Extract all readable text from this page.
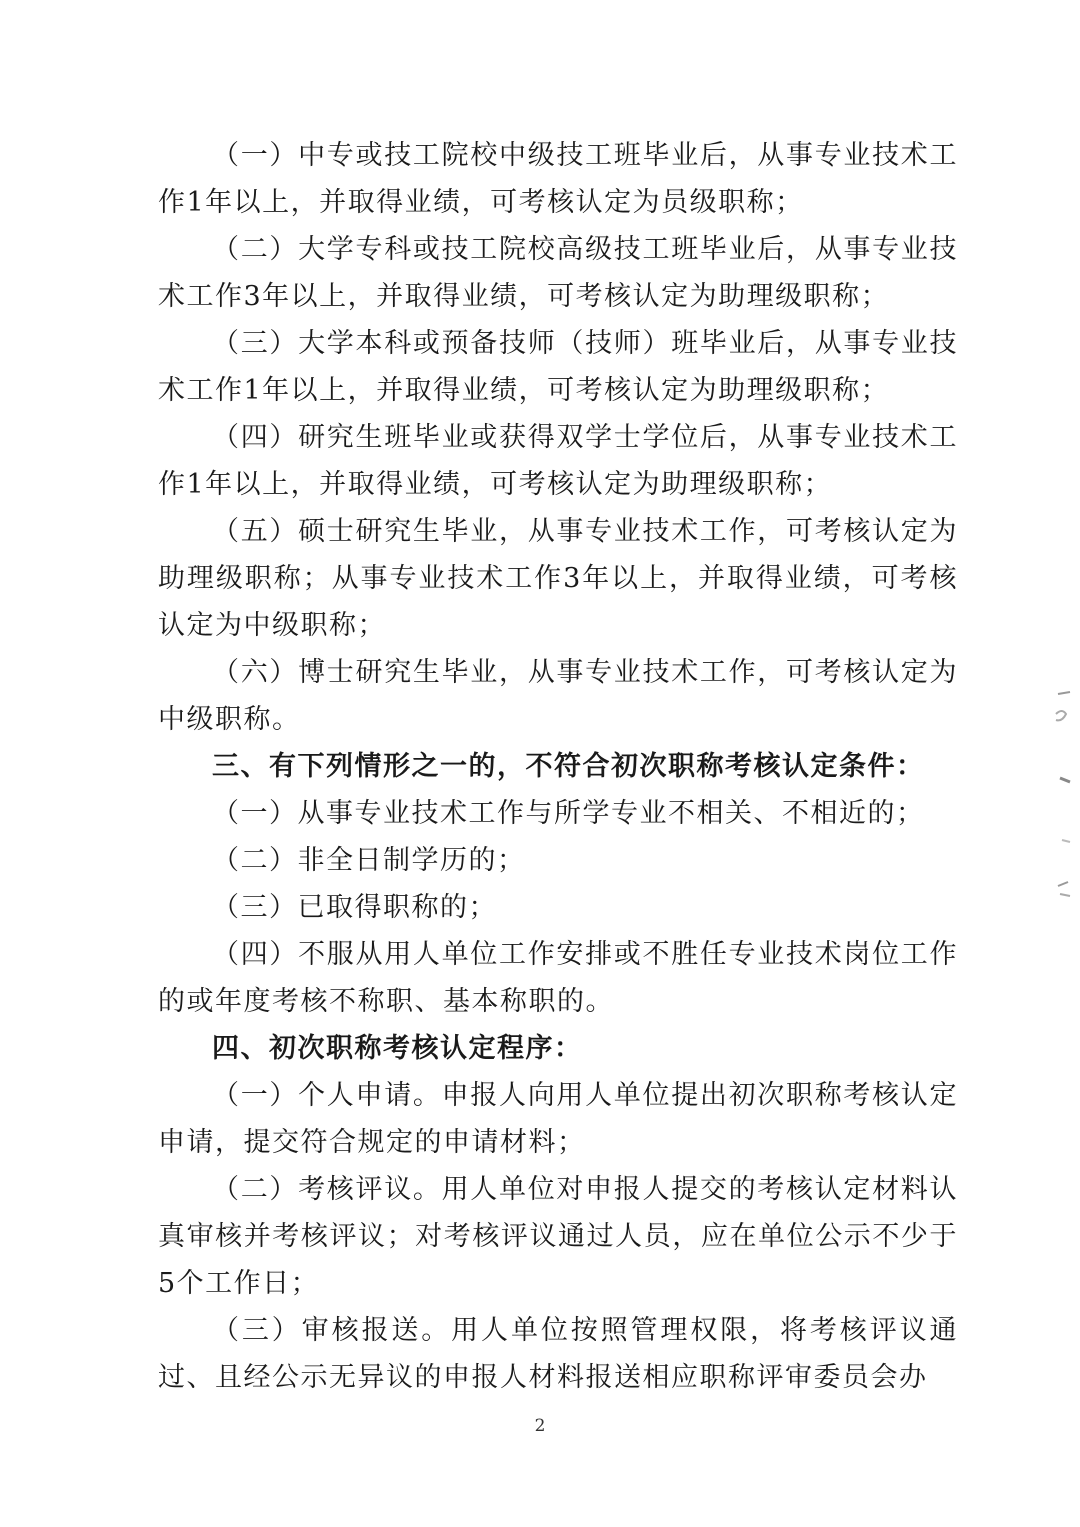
（一）中专或技工院校中级技工班毕业后，从事专业技术工作1年以上，并取得业绩，可考核认定为员级职称；

（二）大学专科或技工院校高级技工班毕业后，从事专业技术工作3年以上，并取得业绩，可考核认定为助理级职称；

（三）大学本科或预备技师（技师）班毕业后，从事专业技术工作1年以上，并取得业绩，可考核认定为助理级职称；

（四）研究生班毕业或获得双学士学位后，从事专业技术工作1年以上，并取得业绩，可考核认定为助理级职称；

（五）硕士研究生毕业，从事专业技术工作，可考核认定为助理级职称；从事专业技术工作3年以上，并取得业绩，可考核认定为中级职称；

（六）博士研究生毕业，从事专业技术工作，可考核认定为中级职称。

三、有下列情形之一的，不符合初次职称考核认定条件：

（一）从事专业技术工作与所学专业不相关、不相近的；

（二）非全日制学历的；

（三）已取得职称的；

（四）不服从用人单位工作安排或不胜任专业技术岗位工作的或年度考核不称职、基本称职的。

四、初次职称考核认定程序：

（一）个人申请。申报人向用人单位提出初次职称考核认定申请，提交符合规定的申请材料；

（二）考核评议。用人单位对申报人提交的考核认定材料认真审核并考核评议；对考核评议通过人员，应在单位公示不少于5个工作日；

（三）审核报送。用人单位按照管理权限，将考核评议通过、且经公示无异议的申报人材料报送相应职称评审委员会办

2
